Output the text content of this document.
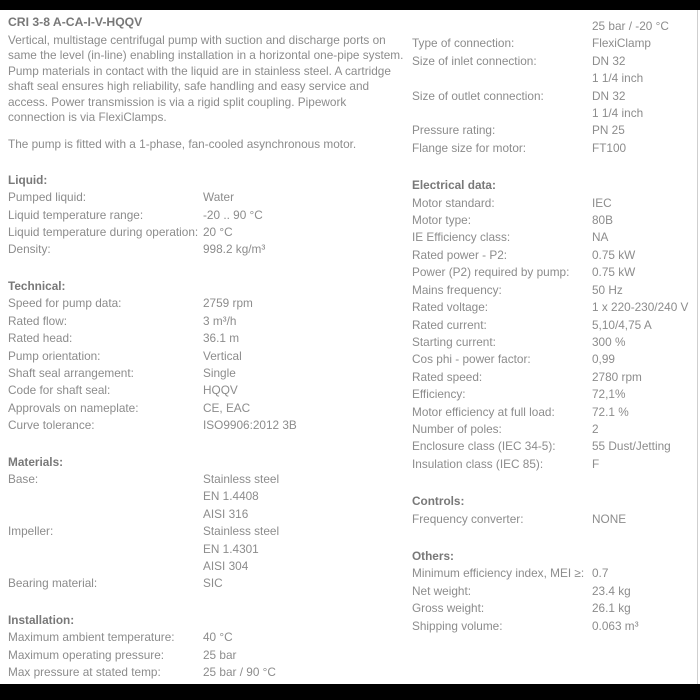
CRI 3-8 A-CA-I-V-HQQV

Vertical, multistage centrifugal pump with suction and discharge ports on same the level (in-line) enabling installation in a horizontal one-pipe system. Pump materials in contact with the liquid are in stainless steel. A cartridge shaft seal ensures high reliability, safe handling and easy service and access. Power transmission is via a rigid split coupling. Pipework connection is via FlexiClamps.

The pump is fitted with a 1-phase, fan-cooled asynchronous motor.

Liquid:
Pumped liquid:	Water
Liquid temperature range:	-20 .. 90 °C
Liquid temperature during operation: 20 °C
Density:	998.2 kg/m³
Technical:
Speed for pump data:	2759 rpm
Rated flow:	3 m³/h
Rated head:	36.1 m
Pump orientation:	Vertical
Shaft seal arrangement:	Single
Code for shaft seal:	HQQV
Approvals on nameplate:	CE, EAC
Curve tolerance:	ISO9906:2012 3B
Materials:
Base:	Stainless steel
EN 1.4408
AISI 316
Impeller:	Stainless steel
EN 1.4301
AISI 304
Bearing material:	SIC
Installation:
Maximum ambient temperature:	40 °C
Maximum operating pressure:	25 bar
Max pressure at stated temp:	25 bar / 90 °C
25 bar / -20 °C
Type of connection:	FlexiClamp
Size of inlet connection:	DN 32
1 1/4 inch
Size of outlet connection:	DN 32
1 1/4 inch
Pressure rating:	PN 25
Flange size for motor:	FT100
Electrical data:
Motor standard:	IEC
Motor type:	80B
IE Efficiency class:	NA
Rated power - P2:	0.75 kW
Power (P2) required by pump:	0.75 kW
Mains frequency:	50 Hz
Rated voltage:	1 x 220-230/240 V
Rated current:	5,10/4,75 A
Starting current:	300 %
Cos phi - power factor:	0,99
Rated speed:	2780 rpm
Efficiency:	72,1%
Motor efficiency at full load:	72.1 %
Number of poles:	2
Enclosure class (IEC 34-5):	55 Dust/Jetting
Insulation class (IEC 85):	F
Controls:
Frequency converter:	NONE
Others:
Minimum efficiency index, MEI ≥: 0.7
Net weight:	23.4 kg
Gross weight:	26.1 kg
Shipping volume:	0.063 m³
